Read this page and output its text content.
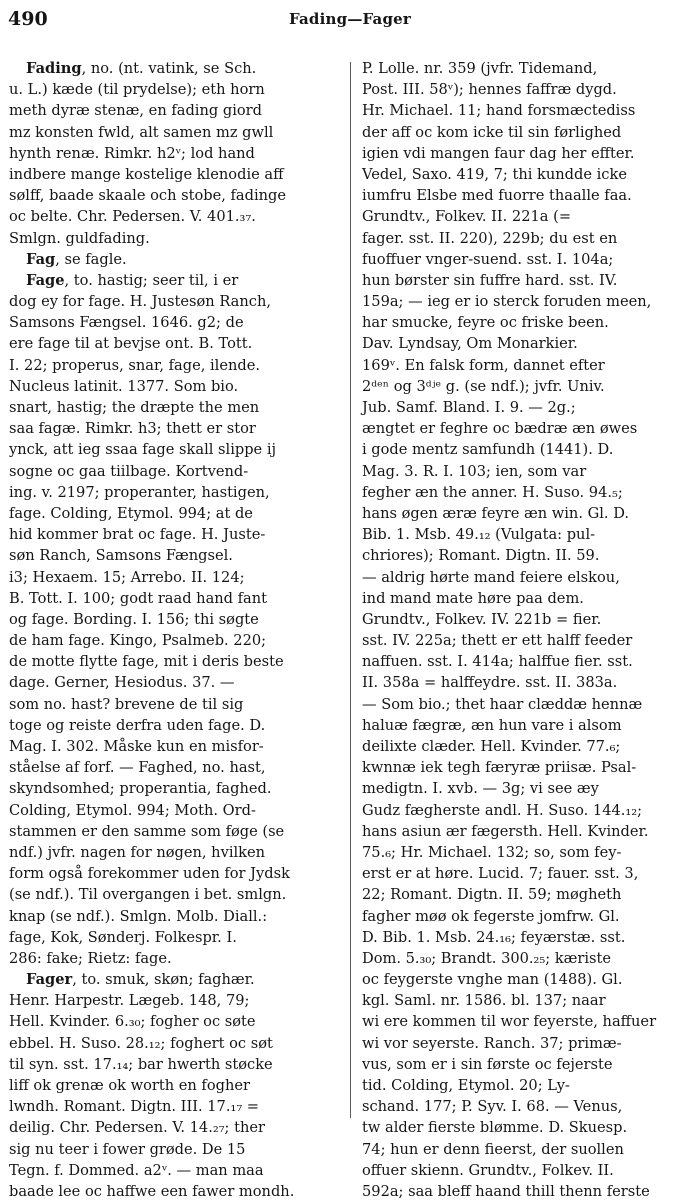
490	Fading—Fager
Fading, no. (nt. vatink, se Sch.
u. L.) kæde (til prydelse); eth horn
meth dyræ stenæ, en fading giord
mz konsten fwld, alt samen mz gwll
hynth renæ. Rimkr. h2ᵛ; lod hand
indbere mange kostelige klenodie aff
sølff, baade skaale och stobe, fadinge
oc belte. Chr. Pedersen. V. 401.₃₇.
Smlgn. guldfading.
Fag, se fagle.
Fage, to. hastig; seer til, i er
dog ey for fage. H. Justesøn Ranch,
Samsons Fængsel. 1646. g2; de
ere fage til at bevjse ont. B. Tott.
I. 22; properus, snar, fage, ilende.
Nucleus latinit. 1377. Som bio.
snart, hastig; the dræpte the men
saa fagæ. Rimkr. h3; thett er stor
ynck, att ieg ssaa fage skall slippe ij
sogne oc gaa tiilbage. Kortvend-
ing. v. 2197; properanter, hastigen,
fage. Colding, Etymol. 994; at de
hid kommer brat oc fage. H. Juste-
søn Ranch, Samsons Fængsel.
i3; Hexaem. 15; Arrebo. II. 124;
B. Tott. I. 100; godt raad hand fant
og fage. Bording. I. 156; thi søgte
de ham fage. Kingo, Psalmeb. 220;
de motte flytte fage, mit i deris beste
dage. Gerner, Hesiodus. 37. —
som no. hast? brevene de til sig
toge og reiste derfra uden fage. D.
Mag. I. 302. Måske kun en misfor-
ståelse af forf. — Faghed, no. hast,
skyndsomhed; properantia, faghed.
Colding, Etymol. 994; Moth. Ord-
stammen er den samme som føge (se
ndf.) jvfr. nagen for nøgen, hvilken
form også forekommer uden for Jydsk
(se ndf.). Til overgangen i bet. smlgn.
knap (se ndf.). Smlgn. Molb. Diall.:
fage, Kok, Sønderj. Folkespr. I.
286: fake; Rietz: fage.
Fager, to. smuk, skøn; faghær.
Henr. Harpestr. Lægeb. 148, 79;
Hell. Kvinder. 6.₃₀; fogher oc søte
ebbel. H. Suso. 28.₁₂; foghert oc søt
til syn. sst. 17.₁₄; bar hwerth støcke
liff ok grenæ ok worth en fogher
lwndh. Romant. Digtn. III. 17.₁₇ =
deilig. Chr. Pedersen. V. 14.₂₇; ther
sig nu teer i fower grøde. De 15
Tegn. f. Dommed. a2ᵛ. — man maa
baade lee oc haffwe een fawer mondh.
P. Lolle. nr. 359 (jvfr. Tidemand,
Post. III. 58ᵛ); hennes faffræ dygd.
Hr. Michael. 11; hand forsmæctediss
der aff oc kom icke til sin førlighed
igien vdi mangen faur dag her effter.
Vedel, Saxo. 419, 7; thi kundde icke
iumfru Elsbe med fuorre thaalle faa.
Grundtv., Folkev. II. 221a (=
fager. sst. II. 220), 229b; du est en
fuoffuer vnger-suend. sst. I. 104a;
hun børster sin fuffre hard. sst. IV.
159a; — ieg er io sterck foruden meen,
har smucke, feyre oc friske been.
Dav. Lyndsay, Om Monarkier.
169ᵛ. En falsk form, dannet efter
2ᵈᵉⁿ og 3ᵈʲᵉ g. (se ndf.); jvfr. Univ.
Jub. Samf. Bland. I. 9. — 2g.;
ængtet er feghre oc bædræ æn øwes
i gode mentz samfundh (1441). D.
Mag. 3. R. I. 103; ien, som var
fegher æn the anner. H. Suso. 94.₅;
hans øgen æræ feyre æn win. Gl. D.
Bib. 1. Msb. 49.₁₂ (Vulgata: pul-
chriores); Romant. Digtn. II. 59.
— aldrig hørte mand feiere elskou,
ind mand mate høre paa dem.
Grundtv., Folkev. IV. 221b = fier.
sst. IV. 225a; thett er ett halff feeder
naffuen. sst. I. 414a; halffue fier. sst.
II. 358a = halffeydre. sst. II. 383a.
— Som bio.; thet haar clæddæ hennæ
haluæ fægræ, æn hun vare i alsom
deilixte clæder. Hell. Kvinder. 77.₆;
kwnnæ iek tegh færyræ priisæ. Psal-
medigtn. I. xvb. — 3g; vi see æy
Gudz fægherste andl. H. Suso. 144.₁₂;
hans asiun ær fægersth. Hell. Kvinder.
75.₆; Hr. Michael. 132; so, som fey-
erst er at høre. Lucid. 7; fauer. sst. 3,
22; Romant. Digtn. II. 59; møgheth
fagher møø ok fegerste jomfrw. Gl.
D. Bib. 1. Msb. 24.₁₆; feyærstæ. sst.
Dom. 5.₃₀; Brandt. 300.₂₅; kæriste
oc feygerste vnghe man (1488). Gl.
kgl. Saml. nr. 1586. bl. 137; naar
wi ere kommen til wor feyerste, haffuer
wi vor seyerste. Ranch. 37; primæ-
vus, som er i sin første oc fejerste
tid. Colding, Etymol. 20; Ly-
schand. 177; P. Syv. I. 68. — Venus,
tw alder fierste blømme. D. Skuesp.
74; hun er denn fieerst, der suollen
offuer skienn. Grundtv., Folkev. II.
592a; saa bleff haand thill thenn ferste
